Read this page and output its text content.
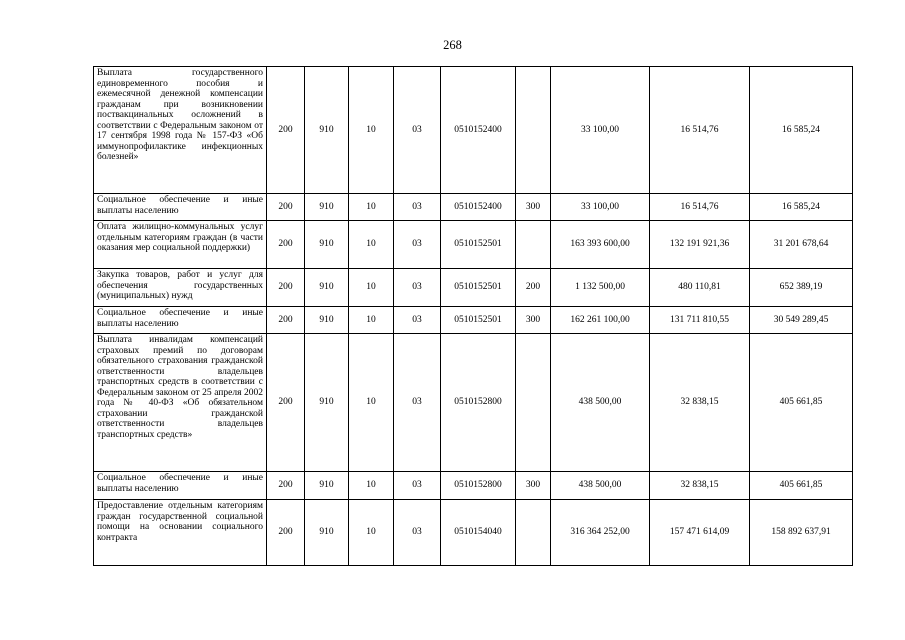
268
Выплата государственного единовременного пособия и ежемесячной денежной компенсации гражданам при возникновении поствакцинальных осложнений в соответствии с Федеральным законом от 17 сентября 1998 года № 157-ФЗ «Об иммунопрофилактике инфекционных болезней»	200	910	10	03	0510152400		33 100,00	16 514,76	16 585,24
Социальное обеспечение и иные выплаты населению	200	910	10	03	0510152400	300	33 100,00	16 514,76	16 585,24
Оплата жилищно-коммунальных услуг отдельным категориям граждан (в части оказания мер социальной поддержки)	200	910	10	03	0510152501		163 393 600,00	132 191 921,36	31 201 678,64
Закупка товаров, работ и услуг для обеспечения государственных (муниципальных) нужд	200	910	10	03	0510152501	200	1 132 500,00	480 110,81	652 389,19
Социальное обеспечение и иные выплаты населению	200	910	10	03	0510152501	300	162 261 100,00	131 711 810,55	30 549 289,45
Выплата инвалидам компенсаций страховых премий по договорам обязательного страхования гражданской ответственности владельцев транспортных средств в соответствии с Федеральным законом от 25 апреля 2002 года № 40-ФЗ «Об обязательном страховании гражданской ответственности владельцев транспортных средств»	200	910	10	03	0510152800		438 500,00	32 838,15	405 661,85
Социальное обеспечение и иные выплаты населению	200	910	10	03	0510152800	300	438 500,00	32 838,15	405 661,85
Предоставление отдельным категориям граждан государственной социальной помощи на основании социального контракта	200	910	10	03	0510154040		316 364 252,00	157 471 614,09	158 892 637,91
